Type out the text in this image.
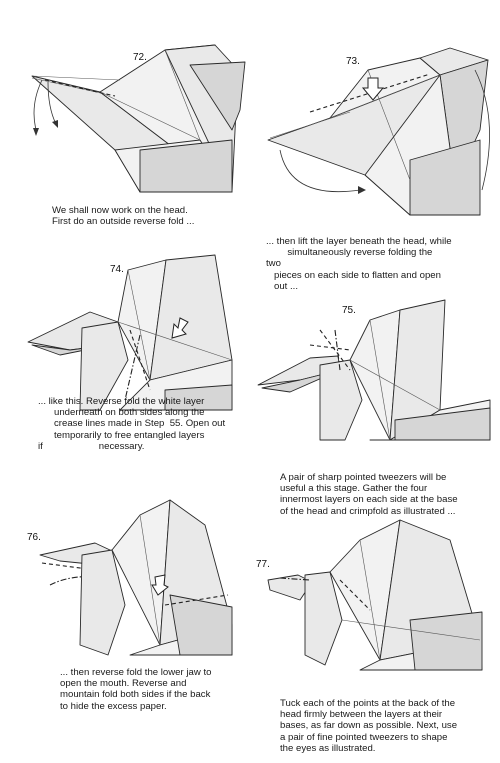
72.
We shall now work on the head.
First do an outside reverse fold ...
73.
... then lift the layer beneath the head, while
simultaneously reverse folding the
two
pieces on each side to flatten and open
out ...
74.
... like this. Reverse fold the white layer
underneath on both sides along the
crease lines made in Step  55. Open out
temporarily to free entangled layers
if                     necessary.
75.
A pair of sharp pointed tweezers will be
useful a this stage. Gather the four
innermost layers on each side at the base
of the head and crimpfold as illustrated ...
76.
... then reverse fold the lower jaw to
open the mouth. Reverse and
mountain fold both sides if the back
to hide the excess paper.
77.
Tuck each of the points at the back of the
head firmly between the layers at their
bases, as far down as possible. Next, use
a pair of fine pointed tweezers to shape
the eyes as illustrated.
